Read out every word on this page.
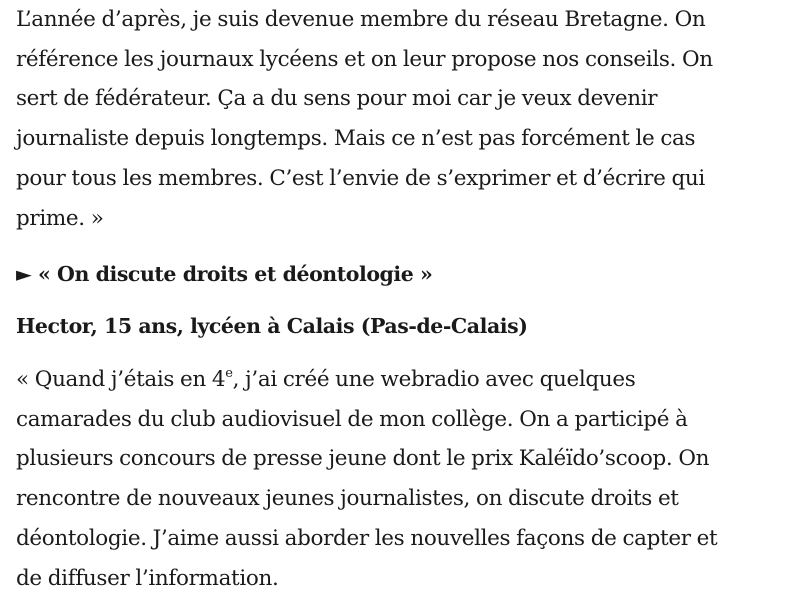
L’année d’après, je suis devenue membre du réseau Bretagne. On
référence les journaux lycéens et on leur propose nos conseils. On
sert de fédérateur. Ça a du sens pour moi car je veux devenir
journaliste depuis longtemps. Mais ce n’est pas forcément le cas
pour tous les membres. C’est l’envie de s’exprimer et d’écrire qui
prime. »

► « On discute droits et déontologie »
Hector, 15 ans, lycéen à Calais (Pas-de-Calais)

« Quand j’étais en 4e, j’ai créé une webradio avec quelques
camarades du club audiovisuel de mon collège. On a participé à
plusieurs concours de presse jeune dont le prix Kaléïdo’scoop. On
rencontre de nouveaux jeunes journalistes, on discute droits et
déontologie. J’aime aussi aborder les nouvelles façons de capter et
de diffuser l’information.
